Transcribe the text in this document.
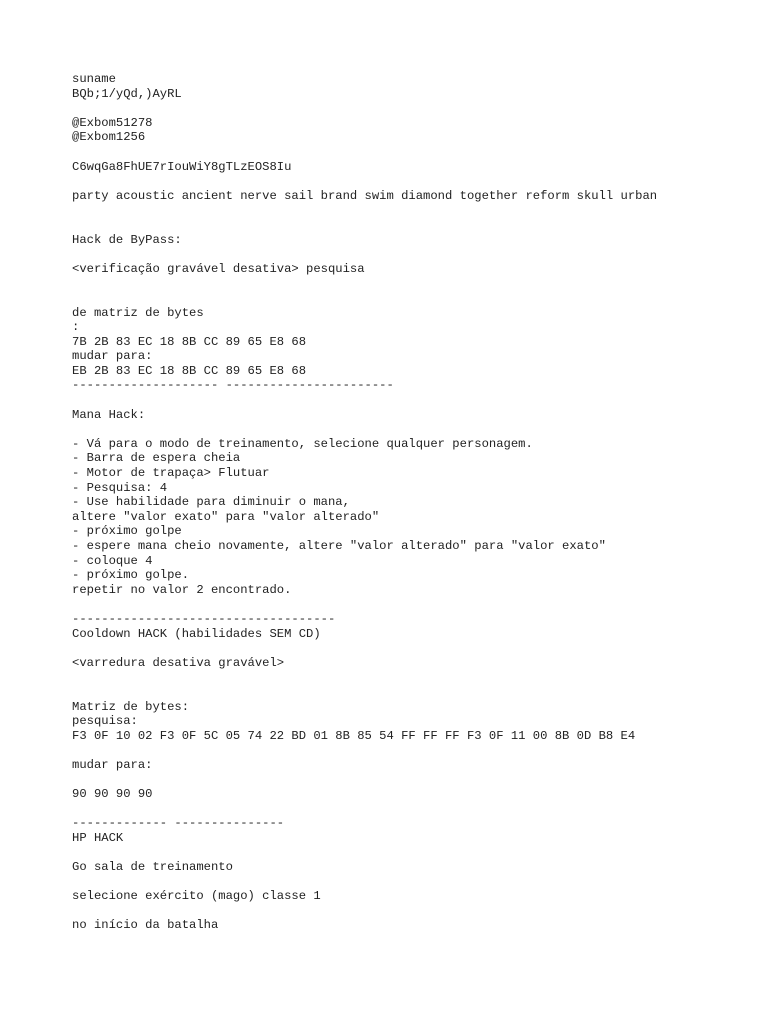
suname
BQb;1/yQd,)AyRL
@Exbom51278
@Exbom1256
C6wqGa8FhUE7rIouWiY8gTLzEOS8Iu
party acoustic ancient nerve sail brand swim diamond together reform skull urban
Hack de ByPass:
<verificação gravável desativa> pesquisa
de matriz de bytes
:
7B 2B 83 EC 18 8B CC 89 65 E8 68
mudar para:
EB 2B 83 EC 18 8B CC 89 65 E8 68
-------------------- -----------------------
Mana Hack:
- Vá para o modo de treinamento, selecione qualquer personagem.
- Barra de espera cheia
- Motor de trapaça> Flutuar
- Pesquisa: 4
- Use habilidade para diminuir o mana,
altere "valor exato" para "valor alterado"
- próximo golpe
- espere mana cheio novamente, altere "valor alterado" para "valor exato"
- coloque 4
- próximo golpe.
repetir no valor 2 encontrado.
------------------------------------
Cooldown HACK (habilidades SEM CD)
<varredura desativa gravável>
Matriz de bytes:
pesquisa:
F3 0F 10 02 F3 0F 5C 05 74 22 BD 01 8B 85 54 FF FF FF F3 0F 11 00 8B 0D B8 E4
mudar para:
90 90 90 90
------------- ---------------
HP HACK
Go sala de treinamento
selecione exército (mago) classe 1
no início da batalha
